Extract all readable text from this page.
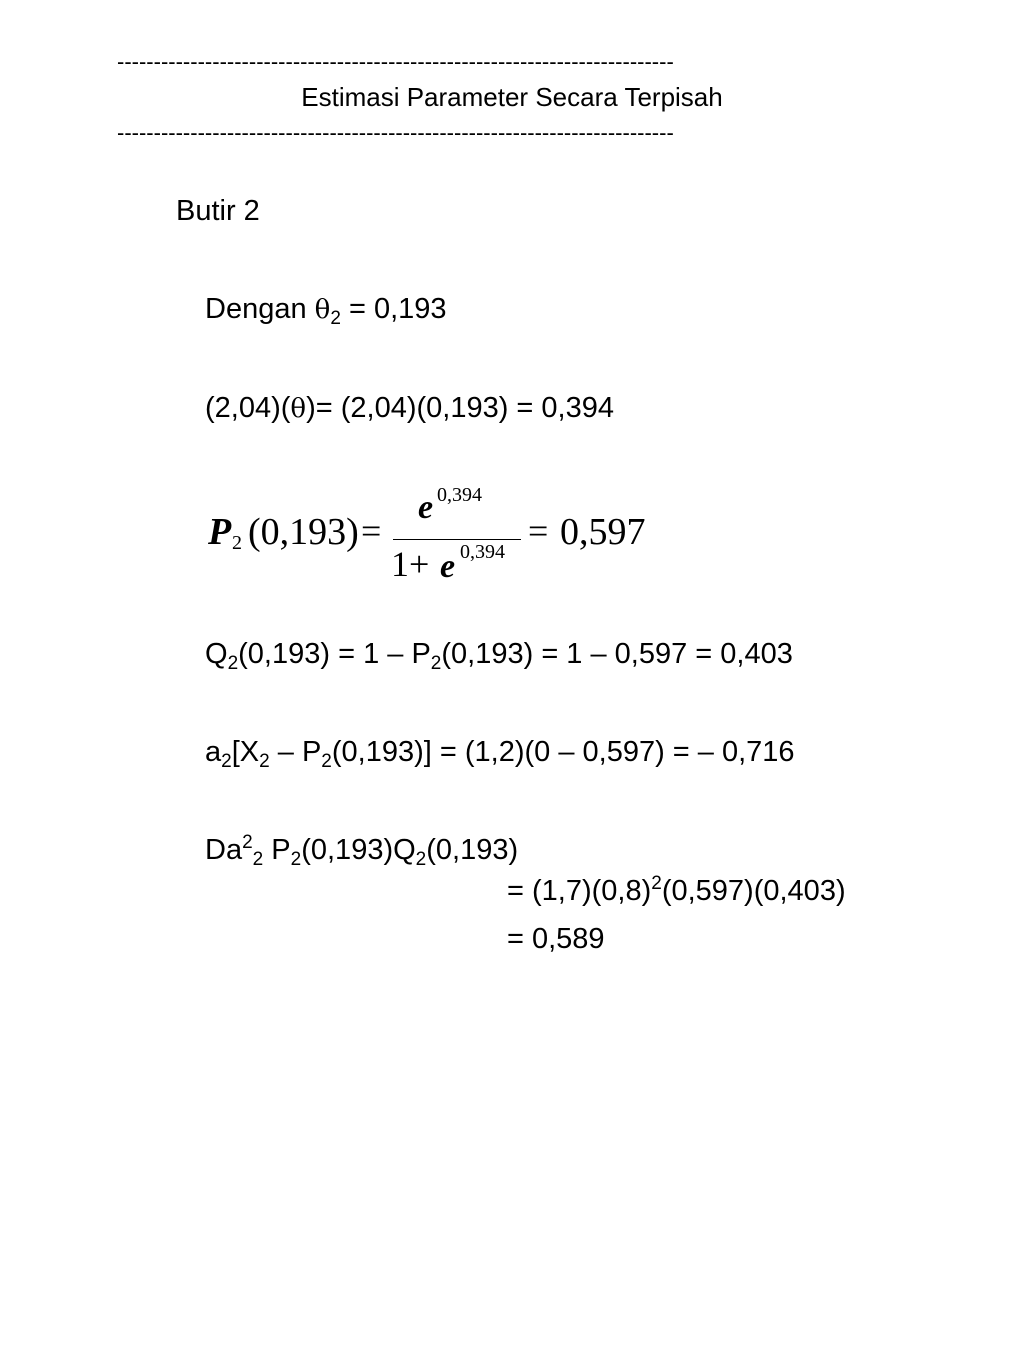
----------------------------------------------------------------------------
Estimasi Parameter Secara Terpisah
----------------------------------------------------------------------------
Butir 2
Dengan $\theta_2 = 0,193$
(2,04)(θ)= (2,04)(0,193) = 0,394
P 2 (0,193) =
e 0,394
1+ e 0,394
= 0,597
$Q_2(0,193) = 1 - P_2(0,193) = 1 - 0,597 = 0,403$
$a_2[X_2 - P_2(0,193)] = (1,2)(0 - 0,597)$ = – 0,716
$Da^2_2$ $P_2(0,193)Q_2(0,193)$
= $(1,7)(0,8)^2(0,597)(0,403)$
= 0,589
